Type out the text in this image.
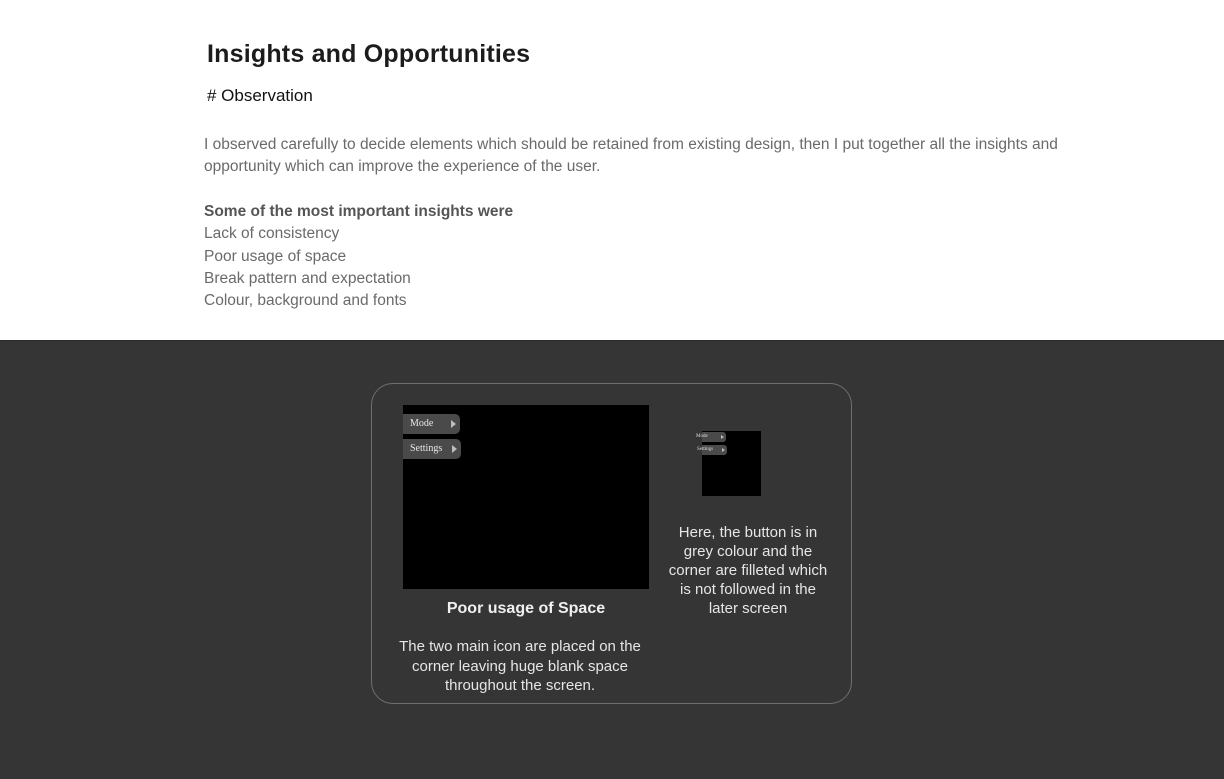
Insights and Opportunities
# Observation

I observed carefully to decide elements which should be retained from existing design, then I put together all the insights and opportunity which can improve the experience of the user.

Some of the most important insights were
Lack of consistency
Poor usage of space
Break pattern and expectation
Colour, background and fonts
Mode
Settings
Poor usage of Space
The two main icon are placed on the corner leaving huge blank space throughout the screen.
Mode
Settings
Here, the button is in grey colour and the corner are filleted which is not followed in the later screen
